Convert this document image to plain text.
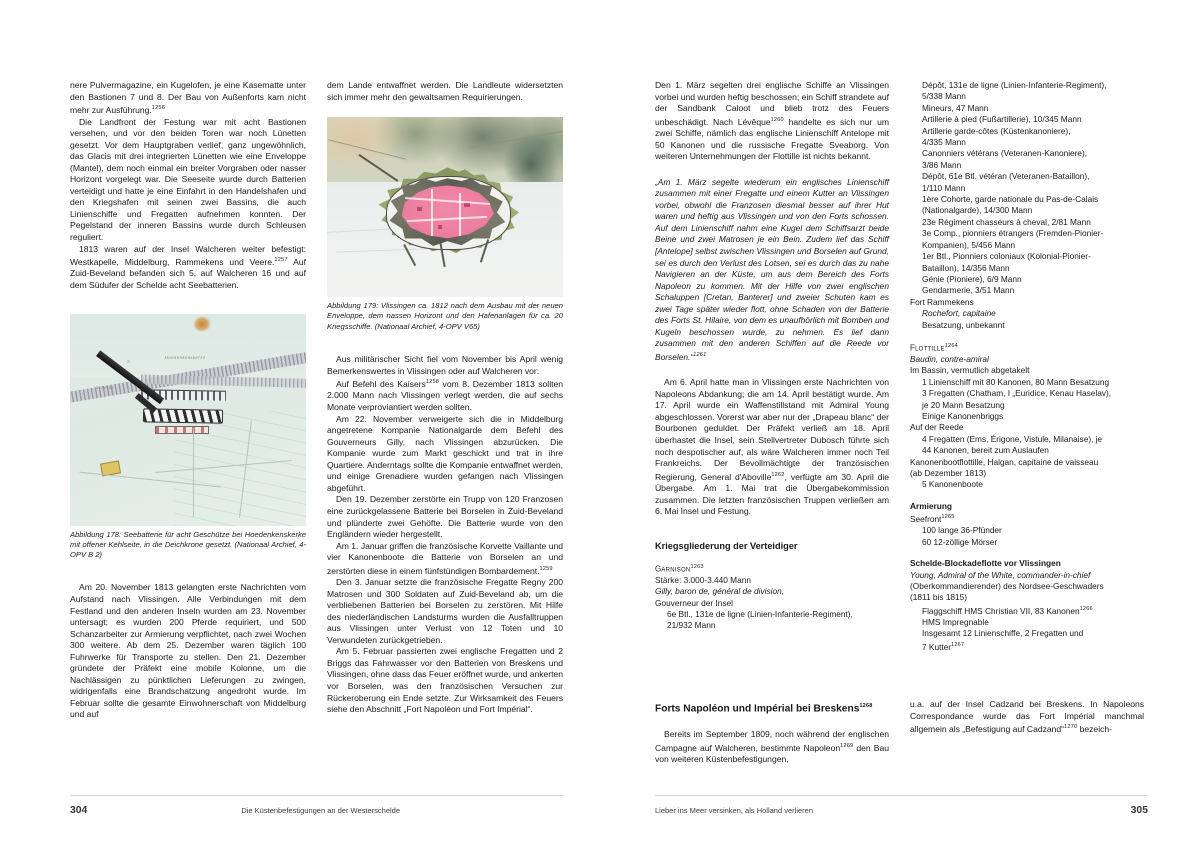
nere Pulvermagazine, ein Kugelofen, je eine Kasematte unter den Bastionen 7 und 8. Der Bau von Außenforts kam nicht mehr zur Ausführung.$^{1256}$

Die Landfront der Festung war mit acht Bastionen versehen, und vor den beiden Toren war noch Lünetten gesetzt. Vor dem Hauptgraben verlief, ganz ungewöhnlich, das Glacis mit drei integrierten Lünetten wie eine Enveloppe (Mantel), dem noch einmal ein breiter Vorgraben oder nasser Horizont vorgelegt war. Die Seeseite wurde durch Batterien verteidigt und hatte je eine Einfahrt in den Handelshafen und den Kriegshafen mit seinen zwei Bassins, die auch Linienschiffe und Fregatten aufnehmen konnten. Der Pegelstand der inneren Bassins wurde durch Schleusen reguliert.

1813 waren auf der Insel Walcheren weiter befestigt: Westkapelle, Middelburg, Rammekens und Veere.$^{1257}$ Auf Zuid-Beveland befanden sich 5, auf Walcheren 16 und auf dem Südufer der Schelde acht Seebatterien.

Hoedenkenskerke
Schelde
N
Abbildung 178: Seebatterie für acht Geschütze bei Hoedenkenskerke mit offener Kehlseite, in die Deichkrone gesetzt. (Nationaal Archief, 4-OPV B 2)

Am 20. November 1813 gelangten erste Nachrichten vom Aufstand nach Vlissingen. Alle Verbindungen mit dem Festland und den anderen Inseln wurden am 23. November untersagt; es wurden 200 Pferde requiriert, und 500 Schanzarbeiter zur Armierung verpflichtet, nach zwei Wochen 300 weitere. Ab dem 25. Dezember waren täglich 100 Fuhrwerke für Transporte zu stellen. Den 21. Dezember gründete der Präfekt eine mobile Kolonne, um die Nachlässigen zu pünktlichen Lieferungen zu zwingen, widrigenfalls eine Brandschatzung angedroht wurde. Im Februar sollte die gesamte Einwohnerschaft von Middelburg und auf

dem Lande entwaffnet werden. Die Landleute widersetzten sich immer mehr den gewaltsamen Requirierungen.

Abbildung 179: Vlissingen ca. 1812 nach dem Ausbau mit der neuen Enveloppe, dem nassen Horizont und den Hafenanlagen für ca. 20 Kriegsschiffe. (Nationaal Archief, 4-OPV V65)

Aus militärischer Sicht fiel vom November bis April wenig Bemerkenswertes in Vlissingen oder auf Walcheren vor:

Auf Befehl des Kaisers$^{1258}$ vom 8. Dezember 1813 sollten 2.000 Mann nach Vlissingen verlegt werden, die auf sechs Monate verproviantiert werden sollten.

Am 22. November verweigerte sich die in Middelburg angetretene Kompanie Nationalgarde dem Befehl des Gouverneurs Gilly, nach Vlissingen abzurücken. Die Kompanie wurde zum Markt geschickt und trat in ihre Quartiere. Anderntags sollte die Kompanie entwaffnet werden, und einige Grenadiere wurden gefangen nach Vlissingen abgeführt.

Den 19. Dezember zerstörte ein Trupp von 120 Franzosen eine zurückgelassene Batterie bei Borselen in Zuid-Beveland und plünderte zwei Gehöfte. Die Batterie wurde von den Engländern wieder hergestellt.

Am 1. Januar griffen die französische Korvette Vaillante und vier Kanonenboote die Batterie von Borselen an und zerstörten diese in einem fünfstündigen Bombardement.$^{1259}$

Den 3. Januar setzte die französische Fregatte Regny 200 Matrosen und 300 Soldaten auf Zuid-Beveland ab, um die verbliebenen Batterien bei Borselen zu zerstören. Mit Hilfe des niederländischen Landsturms wurden die Ausfalltruppen aus Vlissingen unter Verlust von 12 Toten und 10 Verwundeten zurückgetrieben.

Am 5. Februar passierten zwei englische Fregatten und 2 Briggs das Fahrwasser vor den Batterien von Breskens und Vlissingen, ohne dass das Feuer eröffnet wurde, und ankerten vor Borselen, was den französischen Versuchen zur Rückeroberung ein Ende setzte. Zur Wirksamkeit des Feuers siehe den Abschnitt „Fort Napoléon und Fort Impérial“.

304	Die Küstenbefestigungen an der Westerschelde

Den 1. März segelten drei englische Schiffe an Vlissingen vorbei und wurden heftig beschossen; ein Schiff strandete auf der Sandbank Caloot und blieb trotz des Feuers unbeschädigt. Nach Lévêque$^{1260}$ handelte es sich nur um zwei Schiffe, nämlich das englische Linienschiff Antelope mit 50 Kanonen und die russische Fregatte Sveaborg. Von weiteren Unternehmungen der Flottille ist nichts bekannt.

„Am 1. März segelte wiederum ein englisches Linienschiff zusammen mit einer Fregatte und einem Kutter an Vlissingen vorbei, obwohl die Franzosen diesmal besser auf ihrer Hut waren und heftig aus Vlissingen und von den Forts schossen. Auf dem Linienschiff nahm eine Kugel dem Schiffsarzt beide Beine und zwei Matrosen je ein Bein. Zudem lief das Schiff [Antelope] selbst zwischen Vlissingen und Borselen auf Grund, sei es durch den Verlust des Lotsen, sei es durch das zu nahe Navigieren an der Küste, um aus dem Bereich des Forts Napoleon zu kommen. Mit der Hilfe von zwei englischen Schaluppen [Cretan, Banterer] und zweier Schuten kam es zwei Tage später wieder flott, ohne Schaden von der Batterie des Forts St. Hilaire, von dem es unaufhörlich mit Bomben und Kugeln beschossen wurde, zu nehmen. Es lief dann zusammen mit den anderen Schiffen auf die Reede vor Borselen.“$^{1261}$

Am 6. April hatte man in Vlissingen erste Nachrichten von Napoleons Abdankung; die am 14. April bestätigt wurde. Am 17. April wurde ein Waffenstillstand mit Admiral Young abgeschlossen. Vorerst war aber nur der „Drapeau blanc“ der Bourbonen geduldet. Der Präfekt verließ am 18. April überhastet die Insel, sein Stellvertreter Dubosch führte sich noch despotischer auf, als wäre Walcheren immer noch Teil Frankreichs. Der Bevollmächtigte der französischen Regierung, General d'Aboville$^{1262}$, verfügte am 30. April die Übergabe. Am 1. Mai trat die Übergabekommission zusammen. Die letzten französischen Truppen verließen am 6. Mai Insel und Festung.

Kriegsgliederung der Verteidiger
Garnison$^{1263}$
Stärke: 3.000-3.440 Mann
Gilly, baron de, général de division,
Gouverneur der Insel
6e Btl., 131e de ligne (Linien-Infanterie-Regiment),
21/932 Mann
Forts Napoléon und Impérial bei Breskens$^{1268}$

Bereits im September 1809, noch während der englischen Campagne auf Walcheren, bestimmte Napoleon$^{1269}$ den Bau von weiteren Küstenbefestigungen,

Dépôt, 131e de ligne (Linien-Infanterie-Regiment),
5/338 Mann
Mineurs, 47 Mann
Artillerie à pied (Fußartillerie), 10/345 Mann
Artillerie garde-côtes (Küstenkanoniere),
4/335 Mann
Canonniers vétérans (Veteranen-Kanoniere),
3/86 Mann
Dépôt, 61e Btl. vétéran (Veteranen-Bataillon),
1/110 Mann
1ère Cohorte, garde nationale du Pas-de-Calais
(Nationalgarde), 14/300 Mann
23e Régiment chasseurs à cheval, 2/81 Mann
3e Comp., pionniers étrangers (Fremden-Pionier-
Kompanien), 5/456 Mann
1er Btl., Pionniers coloniaux (Kolonial-Pionier-
Bataillon), 14/356 Mann
Génie (Pioniere), 6/9 Mann
Gendarmerie, 3/51 Mann
Fort Rammekens
Rochefort, capitaine
Besatzung, unbekannt
Flottille$^{1264}$
Baudin, contre-amiral
Im Bassin, vermutlich abgetakelt
1 Linienschiff mit 80 Kanonen, 80 Mann Besatzung
3 Fregatten (Chatham, I „Euridice, Kenau Haselav),
je 20 Mann Besatzung
Einige Kanonenbriggs
Auf der Reede
4 Fregatten (Ems, Érigone, Vistule, Milanaise), je
44 Kanonen, bereit zum Auslaufen
Kanonenbootflottille, Halgan, capitaine de vaisseau
(ab Dezember 1813)
5 Kanonenboote
Armierung
Seefront$^{1265}$
100 lange 36-Pfünder
60 12-zöllige Mörser
Schelde-Blockadeflotte vor Vlissingen
Young, Admiral of the White, commander-in-chief
(Oberkommandierender) des Nordsee-Geschwaders
(1811 bis 1815)
Flaggschiff HMS Christian VII, 83 Kanonen$^{1266}$
HMS Impregnable
Insgesamt 12 Linienschiffe, 2 Fregatten und
7 Kutter$^{1267}$

u.a. auf der Insel Cadzand bei Breskens. In Napoleons Correspondance wurde das Fort Impérial manchmal allgemein als „Befestigung auf Cadzand“$^{1270}$ bezeich-

Lieber ins Meer versinken, als Holland verlieren	305
